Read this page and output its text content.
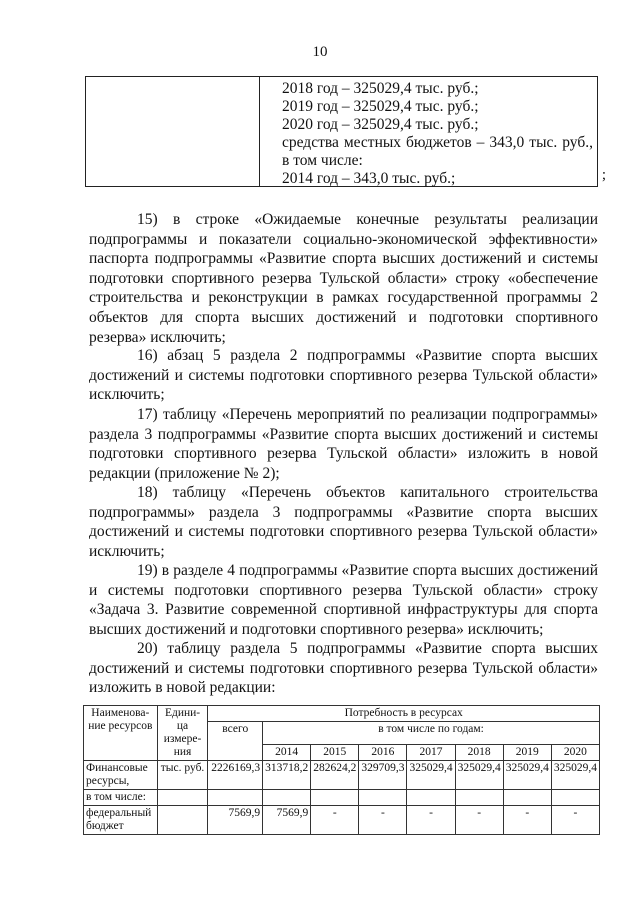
10
2018 год – 325029,4 тыс. руб.;
2019 год – 325029,4 тыс. руб.;
2020 год – 325029,4 тыс. руб.;
средства местных бюджетов – 343,0 тыс. руб., в том числе:
2014 год – 343,0 тыс. руб.;	;
15) в строке «Ожидаемые конечные результаты реализации подпрограммы и показатели социально-экономической эффективности» паспорта подпрограммы «Развитие спорта высших достижений и системы подготовки спортивного резерва Тульской области» строку «обеспечение строительства и реконструкции в рамках государственной программы 2 объектов для спорта высших достижений и подготовки спортивного резерва» исключить;
16) абзац 5 раздела 2 подпрограммы «Развитие спорта высших достижений и системы подготовки спортивного резерва Тульской области» исключить;
17) таблицу «Перечень мероприятий по реализации подпрограммы» раздела 3 подпрограммы «Развитие спорта высших достижений и системы подготовки спортивного резерва Тульской области» изложить в новой редакции (приложение № 2);
18) таблицу «Перечень объектов капитального строительства подпрограммы» раздела 3 подпрограммы «Развитие спорта высших достижений и системы подготовки спортивного резерва Тульской области» исключить;
19) в разделе 4 подпрограммы «Развитие спорта высших достижений и системы подготовки спортивного резерва Тульской области» строку «Задача 3. Развитие современной спортивной инфраструктуры для спорта высших достижений и подготовки спортивного резерва» исключить;
20) таблицу раздела 5 подпрограммы «Развитие спорта высших достижений и системы подготовки спортивного резерва Тульской области» изложить в новой редакции:
Наименова-ние ресурсов	Едини-ца измере-ния	Потребность в ресурсах							
		всего	в том числе по годам:						
			2014	2015	2016	2017	2018	2019	2020
Финансовые ресурсы,	тыс. руб.	2226169,3	313718,2	282624,2	329709,3	325029,4	325029,4	325029,4	325029,4
в том числе:									
федеральный бюджет		7569,9	7569,9	-	-	-	-	-	-
